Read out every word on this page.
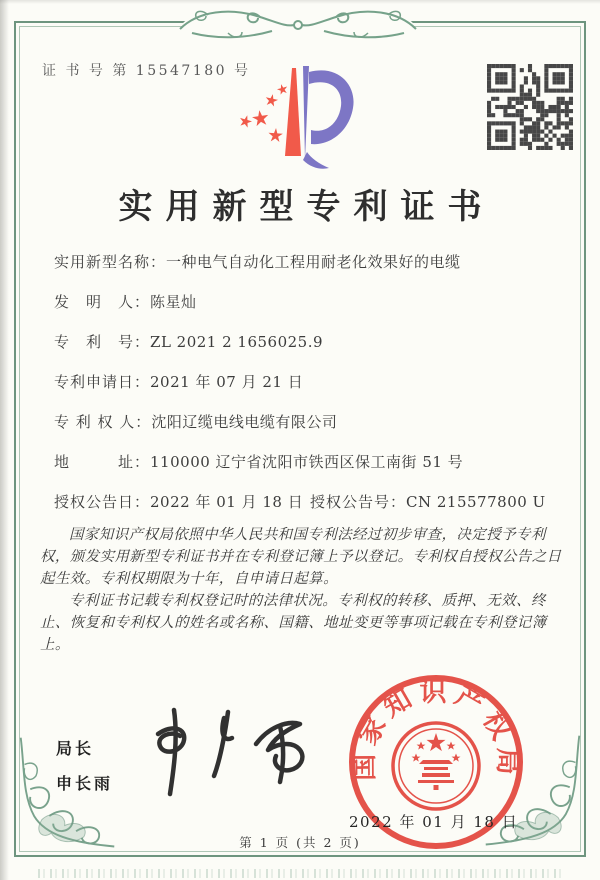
证 书 号 第 15547180 号
实用新型专利证书
实用新型名称：一种电气自动化工程用耐老化效果好的电缆
发　明　人：陈星灿
专　利　号：ZL 2021 2 1656025.9
专利申请日：2021 年 07 月 21 日
专 利 权 人：沈阳辽缆电线电缆有限公司
地　　　址：110000 辽宁省沈阳市铁西区保工南街 51 号
授权公告日：2022 年 01 月 18 日 授权公告号：CN 215577800 U

国家知识产权局依照中华人民共和国专利法经过初步审查，决定授予专利权，颁发实用新型专利证书并在专利登记簿上予以登记。专利权自授权公告之日起生效。专利权期限为十年，自申请日起算。

专利证书记载专利权登记时的法律状况。专利权的转移、质押、无效、终止、恢复和专利权人的姓名或名称、国籍、地址变更等事项记载在专利登记簿上。

局长
申长雨
国家知识产权局
2022 年 01 月 18 日
第 1 页 (共 2 页)
